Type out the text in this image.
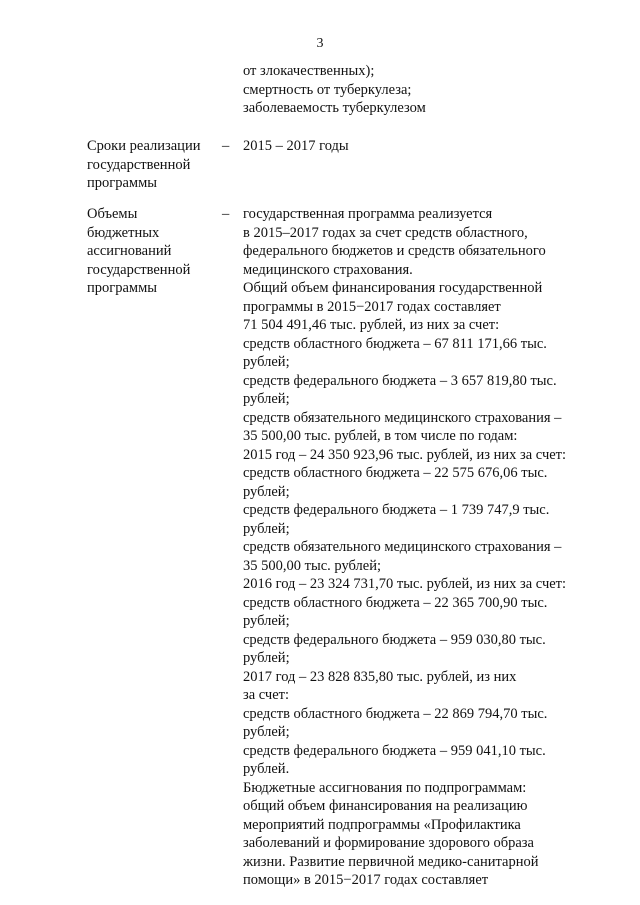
3
от злокачественных);
смертность от туберкулеза;
заболеваемость туберкулезом
Сроки реализации
государственной
программы
– 2015 – 2017 годы
Объемы
бюджетных
ассигнований
государственной
программы
– государственная программа реализуется
в 2015–2017 годах за счет средств областного,
федерального бюджетов и средств обязательного
медицинского страхования.
Общий объем финансирования государственной
программы в 2015−2017 годах составляет
71 504 491,46 тыс. рублей, из них за счет:
средств областного бюджета – 67 811 171,66 тыс.
рублей;
средств федерального бюджета – 3 657 819,80 тыс.
рублей;
средств обязательного медицинского страхования –
35 500,00 тыс. рублей, в том числе по годам:
2015 год – 24 350 923,96 тыс. рублей, из них за счет:
средств областного бюджета – 22 575 676,06 тыс.
рублей;
средств федерального бюджета – 1 739 747,9 тыс.
рублей;
средств обязательного медицинского страхования –
35 500,00 тыс. рублей;
2016 год – 23 324 731,70 тыс. рублей, из них за счет:
средств областного бюджета – 22 365 700,90 тыс.
рублей;
средств федерального бюджета – 959 030,80 тыс.
рублей;
2017 год – 23 828 835,80 тыс. рублей, из них
за счет:
средств областного бюджета – 22 869 794,70 тыс.
рублей;
средств федерального бюджета – 959 041,10 тыс.
рублей.
Бюджетные ассигнования по подпрограммам:
общий объем финансирования на реализацию
мероприятий подпрограммы «Профилактика
заболеваний и формирование здорового образа
жизни. Развитие первичной медико-санитарной
помощи» в 2015−2017 годах составляет
